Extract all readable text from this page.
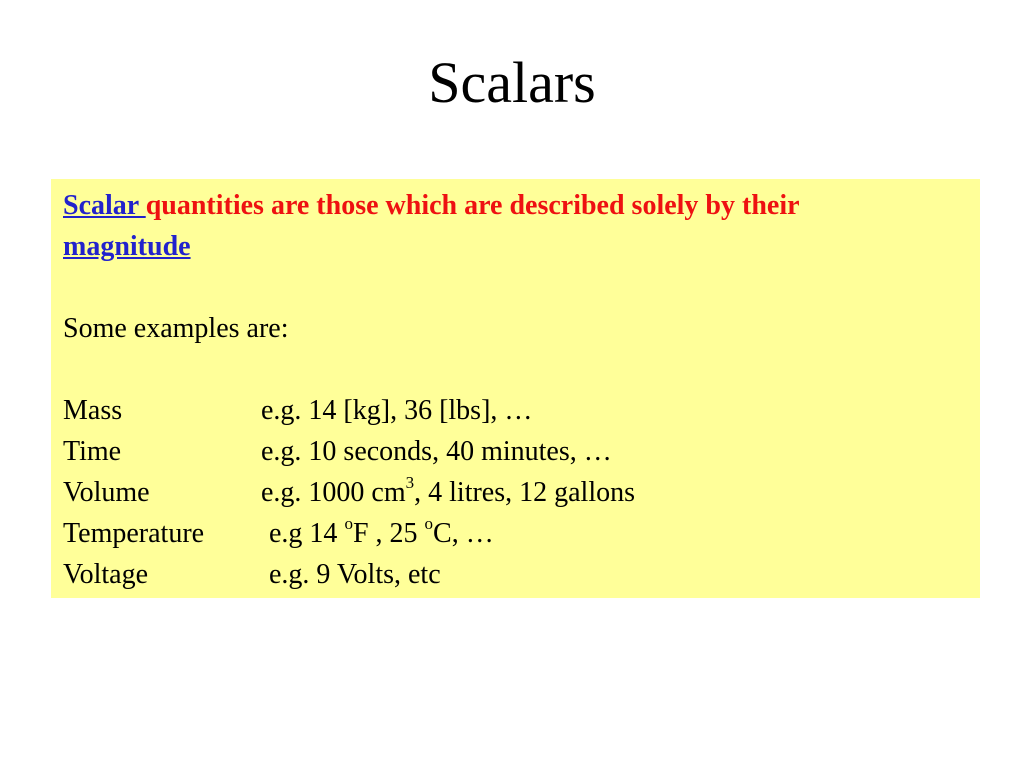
Scalars
Scalar quantities are those which are described solely by their
magnitude
Some examples are:
Mass	e.g. 14 [kg], 36 [lbs], …
Time	e.g. 10 seconds, 40 minutes, …
Volume	e.g. 1000 $cm^3$, 4 litres, 12 gallons
Temperature e.g 14 $^o$F , 25 $^o$C, …
Voltage	e.g. 9 Volts, etc
